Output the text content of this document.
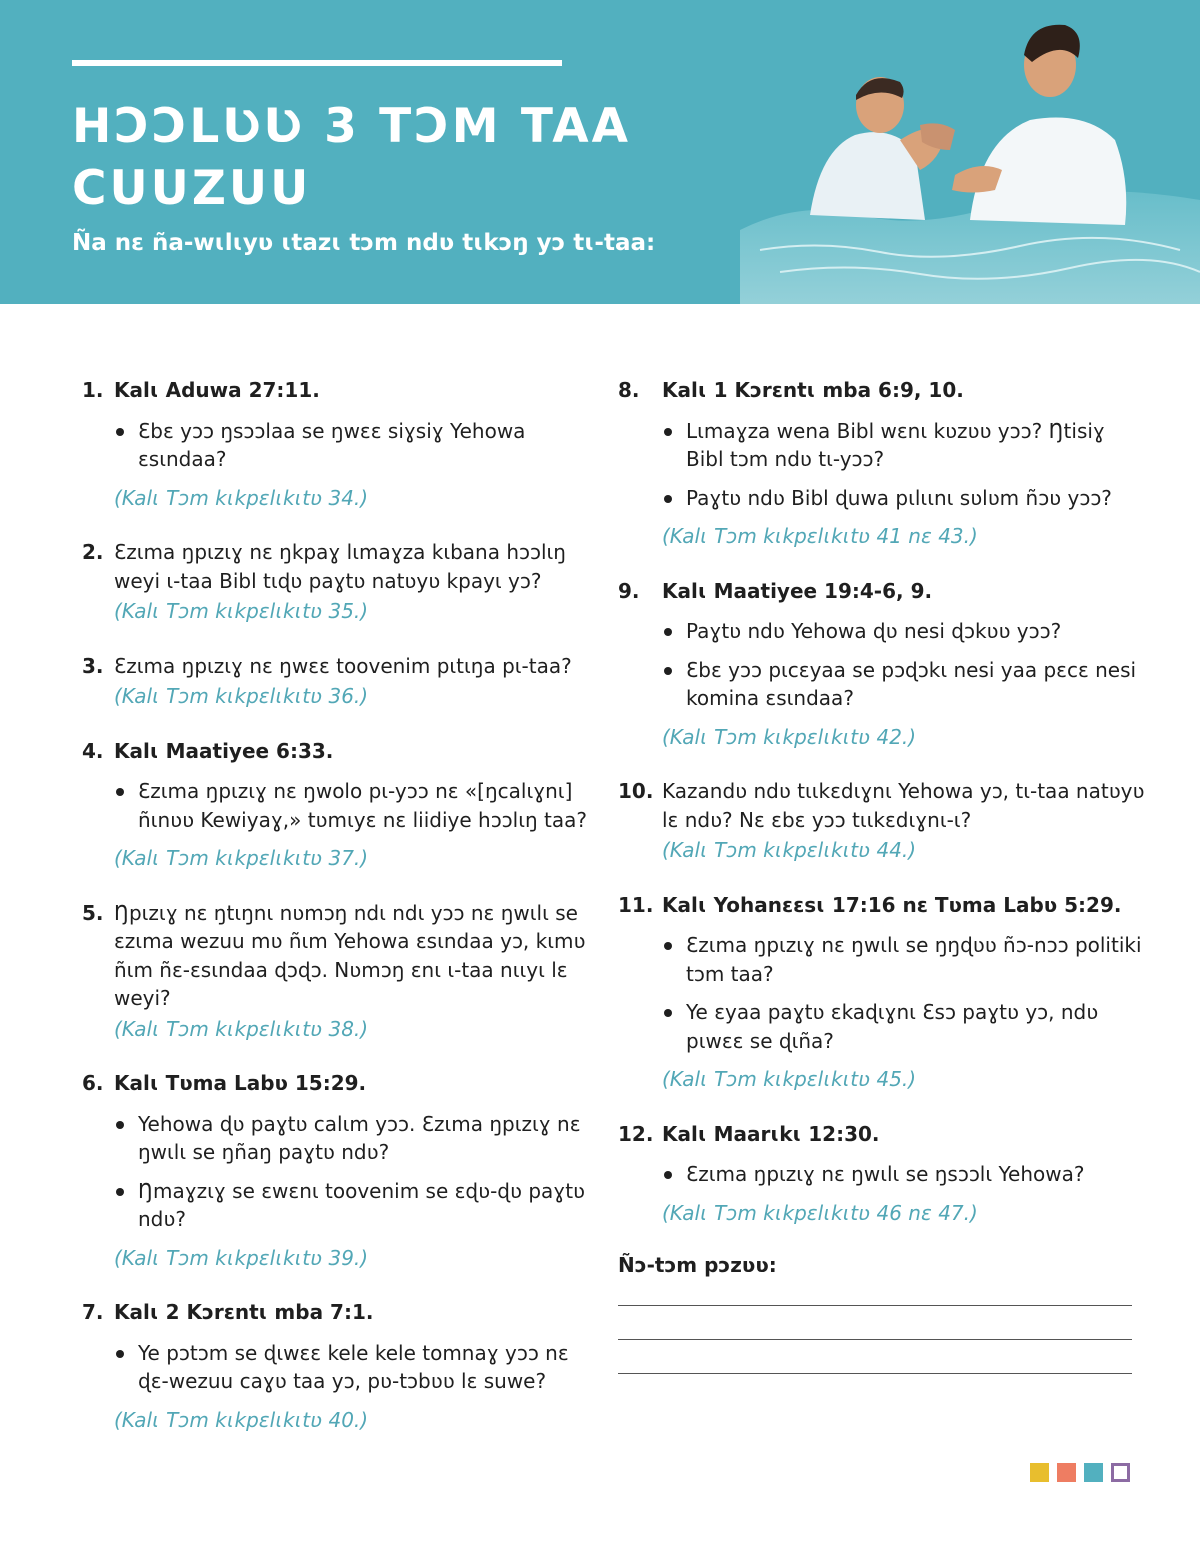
HƆƆLƲƲ 3 TƆM TAA CUUZUU

Ña nɛ ña-wɩlɩyʋ ɩtazɩ tɔm ndʋ tɩkɔŋ yɔ tɩ-taa:

1. Kalɩ Aduwa 27:11.
Ɛbɛ yɔɔ ŋsɔɔlaa se ŋwɛɛ siɣsiɣ Yehowa ɛsɩndaa?
(Kalɩ Tɔm kɩkpɛlɩkɩtʋ 34.)
2. Ɛzɩma ŋpɩzɩɣ nɛ ŋkpaɣ lɩmaɣza kɩbana hɔɔlɩŋ weyi ɩ-taa Bibl tɩɖʋ paɣtʋ natʋyʋ kpayɩ yɔ?
(Kalɩ Tɔm kɩkpɛlɩkɩtʋ 35.)
3. Ɛzɩma ŋpɩzɩɣ nɛ ŋwɛɛ toovenim pɩtɩŋa pɩ-taa?
(Kalɩ Tɔm kɩkpɛlɩkɩtʋ 36.)
4. Kalɩ Maatiyee 6:33.
Ɛzɩma ŋpɩzɩɣ nɛ ŋwolo pɩ-yɔɔ nɛ «[ŋcalɩɣnɩ] ñɩnʋʋ Kewiyaɣ,» tʋmɩyɛ nɛ liidiye hɔɔlɩŋ taa?
(Kalɩ Tɔm kɩkpɛlɩkɩtʋ 37.)
5. Ŋpɩzɩɣ nɛ ŋtɩŋnɩ nʋmɔŋ ndɩ ndɩ yɔɔ nɛ ŋwɩlɩ se ɛzɩma wezuu mʋ ñɩm Yehowa ɛsɩndaa yɔ, kɩmʋ ñɩm ñɛ-ɛsɩndaa ɖɔɖɔ. Nʋmɔŋ ɛnɩ ɩ-taa nɩɩyɩ lɛ weyi?
(Kalɩ Tɔm kɩkpɛlɩkɩtʋ 38.)
6. Kalɩ Tʋma Labʋ 15:29.
Yehowa ɖʋ paɣtʋ calɩm yɔɔ. Ɛzɩma ŋpɩzɩɣ nɛ ŋwɩlɩ se ŋñaŋ paɣtʋ ndʋ?
Ŋmaɣzɩɣ se ɛwɛnɩ toovenim se ɛɖʋ-ɖʋ paɣtʋ ndʋ?
(Kalɩ Tɔm kɩkpɛlɩkɩtʋ 39.)
7. Kalɩ 2 Kɔrɛntɩ mba 7:1.
Ye pɔtɔm se ɖɩwɛɛ kele kele tomnaɣ yɔɔ nɛ ɖɛ-wezuu caɣʋ taa yɔ, pʋ-tɔbʋʋ lɛ suwe?
(Kalɩ Tɔm kɩkpɛlɩkɩtʋ 40.)
8.	Kalɩ 1 Kɔrɛntɩ mba 6:9, 10.
Lɩmaɣza wena Bibl wɛnɩ kʋzʋʋ yɔɔ? Ŋtisiɣ Bibl tɔm ndʋ tɩ-yɔɔ?
Paɣtʋ ndʋ Bibl ɖuwa pɩlɩɩnɩ sʋlʋm ñɔʋ yɔɔ?
(Kalɩ Tɔm kɩkpɛlɩkɩtʋ 41 nɛ 43.)
9.	Kalɩ Maatiyee 19:4-6, 9.
Paɣtʋ ndʋ Yehowa ɖʋ nesi ɖɔkʋʋ yɔɔ?
Ɛbɛ yɔɔ pɩcɛyaa se pɔɖɔkɩ nesi yaa pɛcɛ nesi komina ɛsɩndaa?
(Kalɩ Tɔm kɩkpɛlɩkɩtʋ 42.)
10. Kazandʋ ndʋ tɩɩkɛdɩɣnɩ Yehowa yɔ, tɩ-taa natʋyʋ lɛ ndʋ? Nɛ ɛbɛ yɔɔ tɩɩkɛdɩɣnɩ-ɩ?
(Kalɩ Tɔm kɩkpɛlɩkɩtʋ 44.)
11. Kalɩ Yohanɛɛsɩ 17:16 nɛ Tʋma Labʋ 5:29.
Ɛzɩma ŋpɩzɩɣ nɛ ŋwɩlɩ se ŋŋɖʋʋ ñɔ-nɔɔ politiki tɔm taa?
Ye ɛyaa paɣtʋ ɛkaɖɩɣnɩ Ɛsɔ paɣtʋ yɔ, ndʋ pɩwɛɛ se ɖɩña?
(Kalɩ Tɔm kɩkpɛlɩkɩtʋ 45.)
12. Kalɩ Maarɩkɩ 12:30.
Ɛzɩma ŋpɩzɩɣ nɛ ŋwɩlɩ se ŋsɔɔlɩ Yehowa?
(Kalɩ Tɔm kɩkpɛlɩkɩtʋ 46 nɛ 47.)
Ñɔ-tɔm pɔzʋʋ:
